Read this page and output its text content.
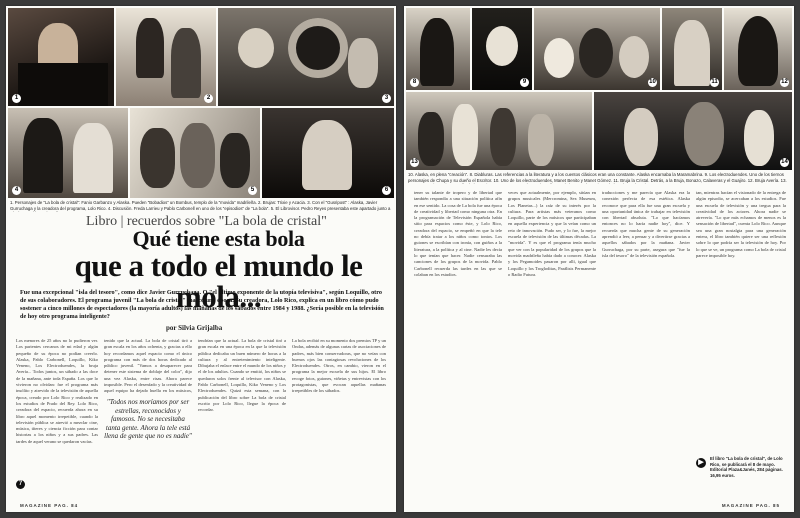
1	2	3
4	5	6
1. Personajes de "La bola de cristal": Fanio Garbanzo y Alaska. Pueden "Bobadios" un Bombus, templo de la "movida" madrileña. 2. Brujas: Trixie y Acacia. 3. Con el "Gusripost" : Alaska, Javier Gurruchaga y la creadora del programa, Lolo Rico. 4. Discusión. Freda Larrieu y Pablo Carbonell en uno de los "episodios" de "La bola". 5. El Librovisor. Pedro Reyes presentaba este apartado junto a
Libro | recuerdos sobre "La bola de cristal"
Qué tiene esta bola
que a todo el mundo le mola...
Fue una excepcional "isla del tesoro", como dice Javier Gurruchaga. O "el último exponente de la utopía televisiva", según Loquillo, otro de sus colaboradores. El programa juvenil "La bola de cristal" marcó una época. Su creadora, Lolo Rico, explica en un libro cómo pudo sostener a cinco millones de espectadores (la mayoría adultos) las mañanas de los sábados entre 1984 y 1988. ¿Sería posible en la televisión de hoy otro programa inteligente?
por Silvia Grijalba
Los menores de 25 años no lo pudieron ver. Los parientes cercanos de mi edad y algún pequeño de su época no podían creerlo. Alaska, Pablo Carbonell, Loquillo, Kiko Veneno, Los Electroduendes, la bruja Avería... Todos juntos, un sábado a las doce de la mañana, ante toda España. Los que lo vivieron no olvidan: fue el programa más insólito y atrevido de la televisión de aquella época, creado por Lolo Rico y realizado en los estudios de Prado del Rey. Lolo Rico, creadora del espacio, recuerda ahora en su libro aquel momento irrepetible, cuando la televisión pública se atrevió a mezclar cine, música, títeres y ciencia ficción para contar historias a los niños y a sus padres. Las tardes de aquel verano se quedaron vacías.
tenido que la actual. La bola de cristal tiró a gran escala en los años ochenta, y gracias a ello hoy recordamos aquel espacio como el único programa con más de dos horas dedicado al público juvenil. "Vamos a desaparecer para detener este sistema de doblaje del color", dijo una vez Alaska, entre risas. Ahora parece imposible. Pero el desenfado y la creatividad de aquel equipo ha dejado huella en los músicos,
"Todos nos moríamos por ser estrellas, reconocidos y famosos. No se necesitaba tanta gente. Ahora la tele está llena de gente que no es nadie"
tendrían que la actual. La bola de cristal tiró a gran escala en una época en la que la televisión pública dedicaba un buen número de horas a la cultura y al entretenimiento inteligente. Dibujaba el enlace entre el mundo de los niños y el de los adultos. Cuando se emitió, los niños se quedaron solos frente al televisor con Alaska, Pablo Carbonell, Loquillo, Kiko Veneno y Los Electroduendes. Quizá esta semana, con la publicación del libro sobre La bola de cristal escrito por Lolo Rico, llegue la época de recordar.
La bola recibió en su momento dos premios TP y un Ondas, además de algunas cartas de asociaciones de padres, más bien conservadoras, que no veían con buenos ojos las contagiosas revoluciones de los Electroduendes. Otros, en cambio, vieron en el programa la mejor escuela de sus hijos. El libro recoge fotos, guiones, viñetas y entrevistas con los protagonistas, que evocan aquellas mañanas irrepetibles de los sábados.
7
MAGAZINE PAG. 84
8	9	10	11	12
13	14
10. Alaska, en plena "creación". 8. Diabluras. Las referencias a la literatura y a los cuentos clásicos eran una constante. Alaska encarnaba la Maramabrina. 9. Los electroduendes. Uno de los tiernos personajes de Chupa y su dueño el Escritor. 10. Uno de los electroduendes, Manet Benito y Manet Gómez. 11. Bruja la Cristal. Detrás, a la Bruja, Bonazo, Calaveras y el Guajiro. 12. Bruja Avería. 13.
tener su talante de tropero y de libertad que también respondía a una situación política afín en ese sentido. La cosa de La bola fue una época de creatividad y libertad como ninguna otra. En la programación de Televisión Española había sitio para espacios como éste, y Lolo Rico, creadora del espacio, se empeñó en que la tele no debía tratar a los niños como tontos. Los guiones se escribían con ironía, con guiños a la literatura, a la política y al cine. Nadie les decía lo que tenían que hacer. Nadie censuraba las canciones de los grupos de la movida. Pablo Carbonell recuerda las tardes en las que se colaban en los estudios.
veces que actualmente, por ejemplo, sitúan en grupos musicales (Mercromina, Sex Museum, Los Planetas...) la raíz de su interés por la cultura. Para artistas más veteranos como Loquillo, parte de los músicos que participaban en aquella experiencia y que la veían como un reto de innovación. Pudo ser, y lo fue, la mejor escuela de televisión de las últimas décadas. La "movida". Y es que el programa tenía mucho que ver con la popularidad de los grupos que la movida madrileña había dado a conocer. Alaska y los Pegamoides pasaron por allí, igual que Loquillo y los Trogloditas, Parálisis Permanente o Radio Futura.
traducciones y me parecía que Alaska era la conexión perfecta de esa estética. Alaska reconoce que para ella fue una gran escuela y una oportunidad única de trabajar en televisión con libertad absoluta. "Lo que hacíamos entonces no lo haría nadie hoy", dice. Y recuerda que mucha gente de su generación aprendió a leer, a pensar y a divertirse gracias a aquellos sábados por la mañana. Javier Gurruchaga, por su parte, asegura que "fue la isla del tesoro" de la televisión española.
tan, mientras hacían el visionado de la entrega de algún episodio, se acercaban a los estudios. Fue una escuela de televisión y una tregua para la creatividad de los actores. Ahora nadie se atrevería. "Lo que más echamos de menos es la sensación de libertad", cuenta Lolo Rico. Aunque sea una gran nostalgia para una generación entera, el libro también quiere ser una reflexión sobre lo que podría ser la televisión de hoy. Por lo que se ve, un programa como La bola de cristal parece imposible hoy.
▶
El libro "La bola de cristal", de Lolo Rico, se publicará el 8 de mayo. Editorial Plaza&Janés, 284 páginas. 16,95 euros.
MAGAZINE PAG. 85
